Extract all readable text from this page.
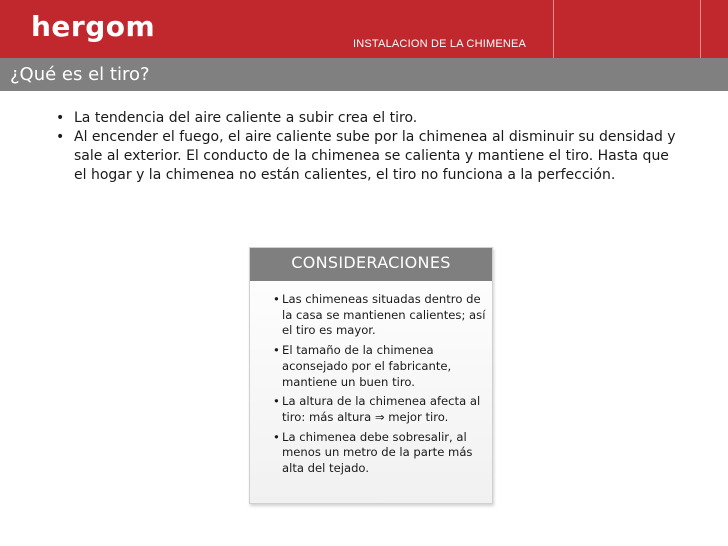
hergom
INSTALACION DE LA CHIMENEA
¿Qué es el tiro?
• La tendencia del aire caliente a subir crea el tiro.
• Al encender el fuego, el aire caliente sube por la chimenea al disminuir su densidad y sale al exterior. El conducto de la chimenea se calienta y mantiene el tiro. Hasta que el hogar y la chimenea no están calientes, el tiro no funciona a la perfección.
CONSIDERACIONES
• Las chimeneas situadas dentro de la casa se mantienen calientes; así el tiro es mayor.
• El tamaño de la chimenea aconsejado por el fabricante, mantiene un buen tiro.
• La altura de la chimenea afecta al tiro: más altura ⇒ mejor tiro.
• La chimenea debe sobresalir, al menos un metro de la parte más alta del tejado.
